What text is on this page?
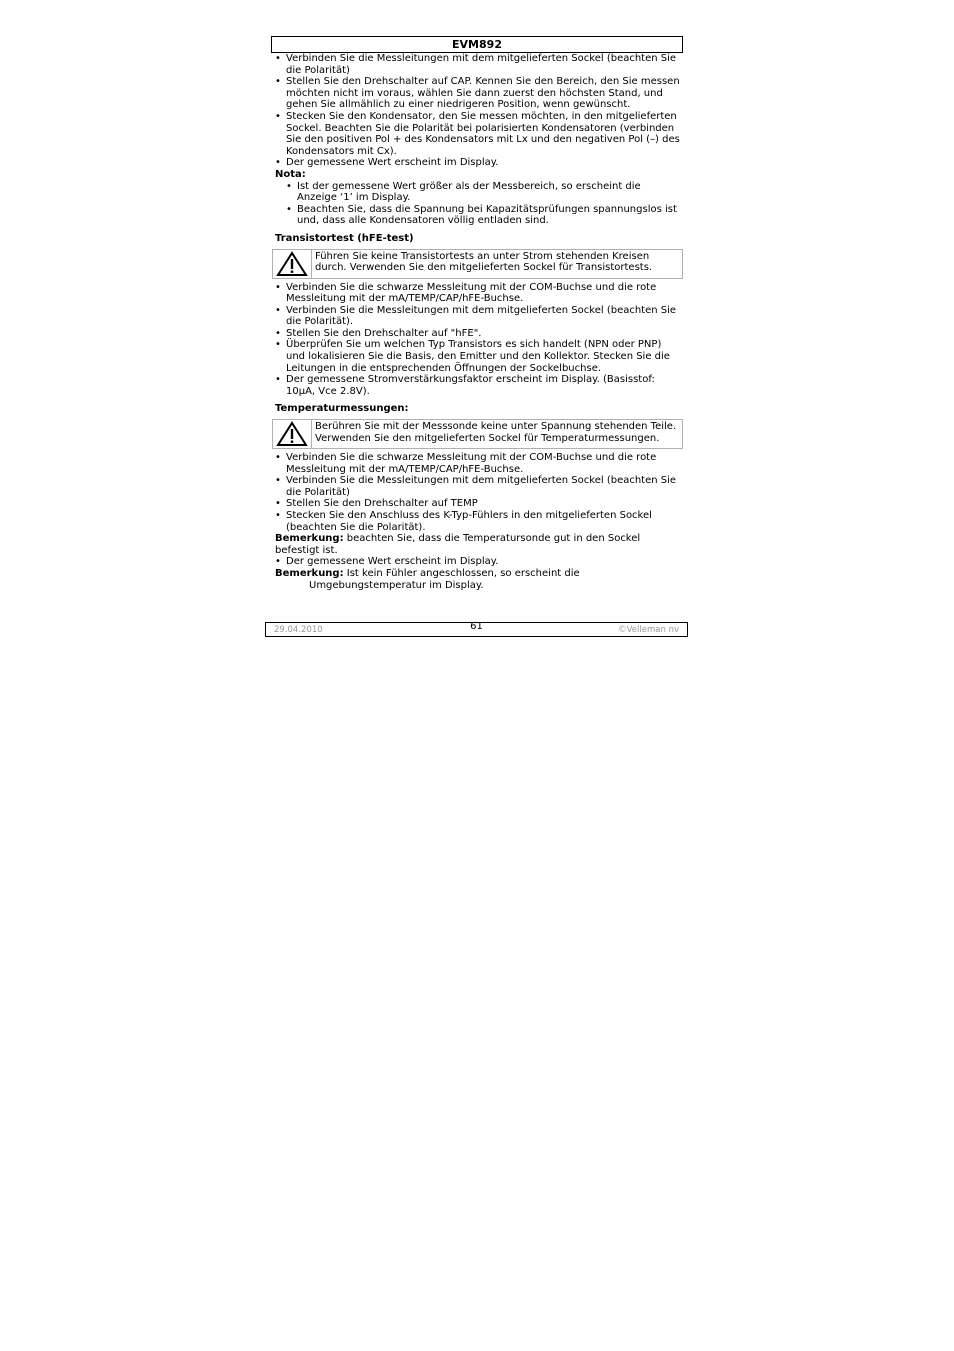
EVM892
• Verbinden Sie die Messleitungen mit dem mitgelieferten Sockel (beachten Sie die Polarität)
• Stellen Sie den Drehschalter auf CAP. Kennen Sie den Bereich, den Sie messen möchten nicht im voraus, wählen Sie dann zuerst den höchsten Stand, und gehen Sie allmählich zu einer niedrigeren Position, wenn gewünscht.
• Stecken Sie den Kondensator, den Sie messen möchten, in den mitgelieferten Sockel. Beachten Sie die Polarität bei polarisierten Kondensatoren (verbinden Sie den positiven Pol + des Kondensators mit Lx und den negativen Pol (–) des Kondensators mit Cx).
• Der gemessene Wert erscheint im Display.
Nota:
• Ist der gemessene Wert größer als der Messbereich, so erscheint die Anzeige ‘1’ im Display.
• Beachten Sie, dass die Spannung bei Kapazitätsprüfungen spannungslos ist und, dass alle Kondensatoren völlig entladen sind.
Transistortest (hFE-test)
Führen Sie keine Transistortests an unter Strom stehenden Kreisen durch. Verwenden Sie den mitgelieferten Sockel für Transistortests.
• Verbinden Sie die schwarze Messleitung mit der COM-Buchse und die rote Messleitung mit der mA/TEMP/CAP/hFE-Buchse.
• Verbinden Sie die Messleitungen mit dem mitgelieferten Sockel (beachten Sie die Polarität).
• Stellen Sie den Drehschalter auf "hFE".
• Überprüfen Sie um welchen Typ Transistors es sich handelt (NPN oder PNP) und lokalisieren Sie die Basis, den Emitter und den Kollektor. Stecken Sie die Leitungen in die entsprechenden Öffnungen der Sockelbuchse.
• Der gemessene Stromverstärkungsfaktor erscheint im Display. (Basisstof: 10µA, Vce 2.8V).
Temperaturmessungen:
Berühren Sie mit der Messsonde keine unter Spannung stehenden Teile. Verwenden Sie den mitgelieferten Sockel für Temperaturmessungen.
• Verbinden Sie die schwarze Messleitung mit der COM-Buchse und die rote Messleitung mit der mA/TEMP/CAP/hFE-Buchse.
• Verbinden Sie die Messleitungen mit dem mitgelieferten Sockel (beachten Sie die Polarität)
• Stellen Sie den Drehschalter auf TEMP
• Stecken Sie den Anschluss des K-Typ-Fühlers in den mitgelieferten Sockel (beachten Sie die Polarität).
Bemerkung: beachten Sie, dass die Temperatursonde gut in den Sockel befestigt ist.
• Der gemessene Wert erscheint im Display.
Bemerkung: Ist kein Fühler angeschlossen, so erscheint die
Umgebungstemperatur im Display.
29.04.2010	61	©Velleman nv
